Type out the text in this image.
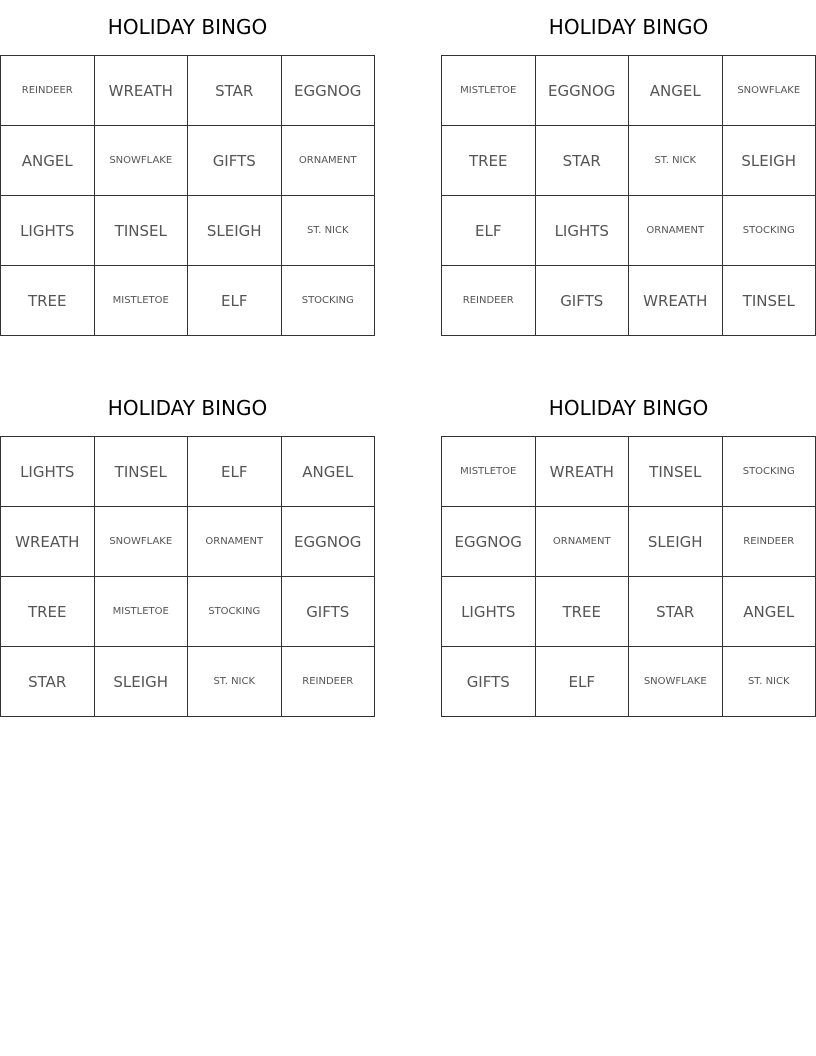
HOLIDAY BINGO
REINDEER	WREATH	STAR	EGGNOG
ANGEL	SNOWFLAKE	GIFTS	ORNAMENT
LIGHTS	TINSEL	SLEIGH	ST. NICK
TREE	MISTLETOE	ELF	STOCKING
HOLIDAY BINGO
MISTLETOE	EGGNOG	ANGEL	SNOWFLAKE
TREE	STAR	ST. NICK	SLEIGH
ELF	LIGHTS	ORNAMENT	STOCKING
REINDEER	GIFTS	WREATH	TINSEL
HOLIDAY BINGO
LIGHTS	TINSEL	ELF	ANGEL
WREATH	SNOWFLAKE	ORNAMENT	EGGNOG
TREE	MISTLETOE	STOCKING	GIFTS
STAR	SLEIGH	ST. NICK	REINDEER
HOLIDAY BINGO
MISTLETOE	WREATH	TINSEL	STOCKING
EGGNOG	ORNAMENT	SLEIGH	REINDEER
LIGHTS	TREE	STAR	ANGEL
GIFTS	ELF	SNOWFLAKE	ST. NICK
